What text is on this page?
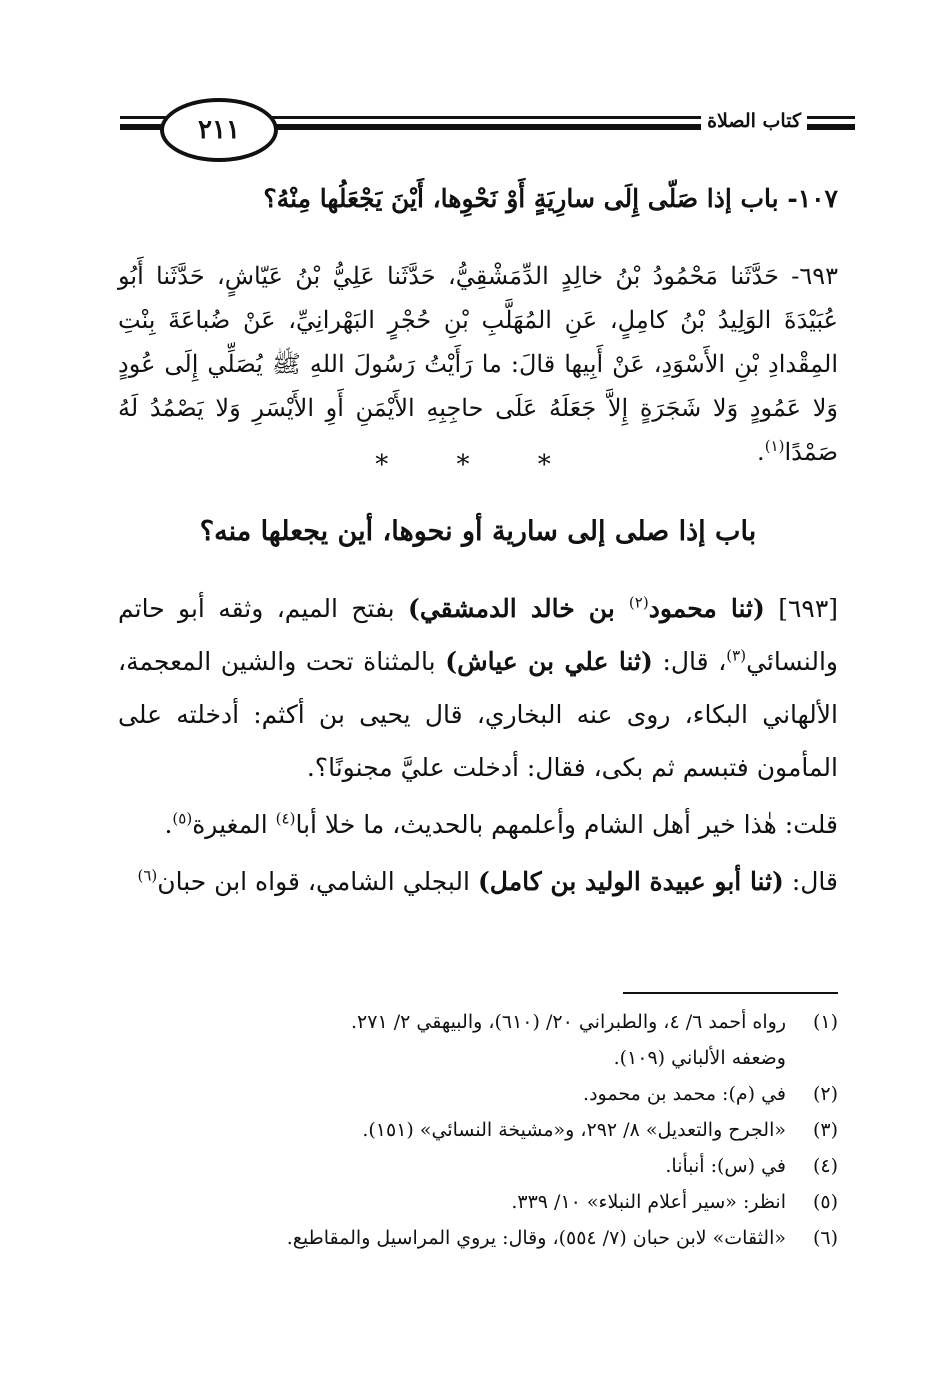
كتاب الصلاة
٢١١
١٠٧- باب إذا صَلّى إِلَى سارِيَةٍ أَوْ نَحْوِها، أَيْنَ يَجْعَلُها مِنْهُ؟
٦٩٣- حَدَّثَنا مَحْمُودُ بْنُ خالِدٍ الدِّمَشْقِيُّ، حَدَّثَنا عَلِيُّ بْنُ عَيّاشٍ، حَدَّثَنا أَبُو عُبَيْدَةَ الوَلِيدُ بْنُ كامِلٍ، عَنِ المُهَلَّبِ بْنِ حُجْرٍ البَهْرانِيِّ، عَنْ ضُباعَةَ بِنْتِ المِقْدادِ بْنِ الأَسْوَدِ، عَنْ أَبِيها قالَ: ما رَأَيْتُ رَسُولَ اللهِ ﷺ يُصَلِّي إِلَى عُودٍ وَلا عَمُودٍ وَلا شَجَرَةٍ إِلاَّ جَعَلَهُ عَلَى حاجِبِهِ الأَيْمَنِ أَوِ الأَيْسَرِ وَلا يَصْمُدُ لَهُ صَمْدًا$^{(١)}$.
* * *
باب إذا صلى إلى سارية أو نحوها، أين يجعلها منه؟

[٦٩٣] (ثنا محمود$^{(٢)}$ بن خالد الدمشقي) بفتح الميم، وثقه أبو حاتم والنسائي$^{(٣)}$، قال: (ثنا علي بن عياش) بالمثناة تحت والشين المعجمة، الألهاني البكاء، روى عنه البخاري، قال يحيى بن أكثم: أدخلته على المأمون فتبسم ثم بكى، فقال: أدخلت عليَّ مجنونًا؟.

قلت: هٰذا خير أهل الشام وأعلمهم بالحديث، ما خلا أبا$^{(٤)}$ المغيرة$^{(٥)}$.

قال: (ثنا أبو عبيدة الوليد بن كامل) البجلي الشامي، قواه ابن حبان$^{(٦)}$

(١)
رواه أحمد ٦/ ٤، والطبراني ٢٠/ (٦١٠)، والبيهقي ٢/ ٢٧١.
وضعفه الألباني (١٠٩).
(٢)
في (م): محمد بن محمود.
(٣)
«الجرح والتعديل» ٨/ ٢٩٢، و«مشيخة النسائي» (١٥١).
(٤)
في (س): أنبأنا.
(٥)
انظر: «سير أعلام النبلاء» ١٠/ ٣٣٩.
(٦)
«الثقات» لابن حبان (٧/ ٥٥٤)، وقال: يروي المراسيل والمقاطيع.
